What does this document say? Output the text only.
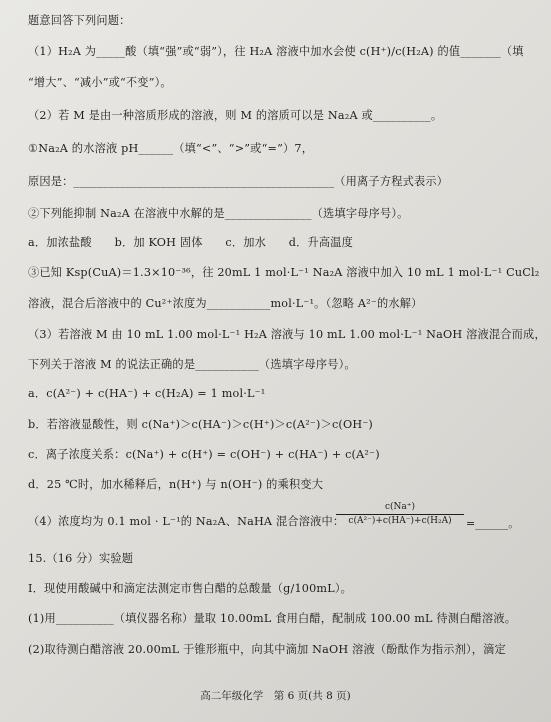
题意回答下列问题：
（1）H₂A 为_____酸（填“强”或“弱”），往 H₂A 溶液中加水会使 c(H⁺)/c(H₂A) 的值_______（填
“增大”、“减小”或“不变”）。
（2）若 M 是由一种溶质形成的溶液，则 M 的溶质可以是 Na₂A 或__________。
①Na₂A 的水溶液 pH______（填“<”、“>”或“=”）7，
原因是：_____________________________________________（用离子方程式表示）
②下列能抑制 Na₂A 在溶液中水解的是_______________（选填字母序号）。
a．加浓盐酸　　b．加 KOH 固体　　c．加水　　d．升高温度
③已知 Ksp(CuA)＝1.3×10⁻³⁶，往 20mL 1 mol·L⁻¹ Na₂A 溶液中加入 10 mL 1 mol·L⁻¹ CuCl₂
溶液，混合后溶液中的 Cu²⁺浓度为___________mol·L⁻¹。（忽略 A²⁻的水解）
（3）若溶液 M 由 10 mL 1.00 mol·L⁻¹ H₂A 溶液与 10 mL 1.00 mol·L⁻¹ NaOH 溶液混合而成，
下列关于溶液 M 的说法正确的是___________（选填字母序号）。
a．c(A²⁻) + c(HA⁻) + c(H₂A) = 1 mol·L⁻¹
b．若溶液显酸性，则 c(Na⁺)＞c(HA⁻)＞c(H⁺)＞c(A²⁻)＞c(OH⁻)
c．离子浓度关系：c(Na⁺) + c(H⁺) = c(OH⁻) + c(HA⁻) + c(A²⁻)
d．25 ℃时，加水稀释后，n(H⁺) 与 n(OH⁻) 的乘积变大
（4）浓度均为 0.1 mol · L⁻¹的 Na₂A、NaHA 混合溶液中：
$\frac{c(Na^+)}{\text{c(A²⁻)+c(HA⁻)+c(H₂A)}}$ =______。
15.（16 分）实验题
I．现使用酸碱中和滴定法测定市售白醋的总酸量（g/100mL）。
(1)用__________（填仪器名称）量取 10.00mL 食用白醋，配制成 100.00 mL 待测白醋溶液。
(2)取待测白醋溶液 20.00mL 于锥形瓶中，向其中滴加 NaOH 溶液（酚酞作为指示剂），滴定
高二年级化学　第 6 页(共 8 页)
